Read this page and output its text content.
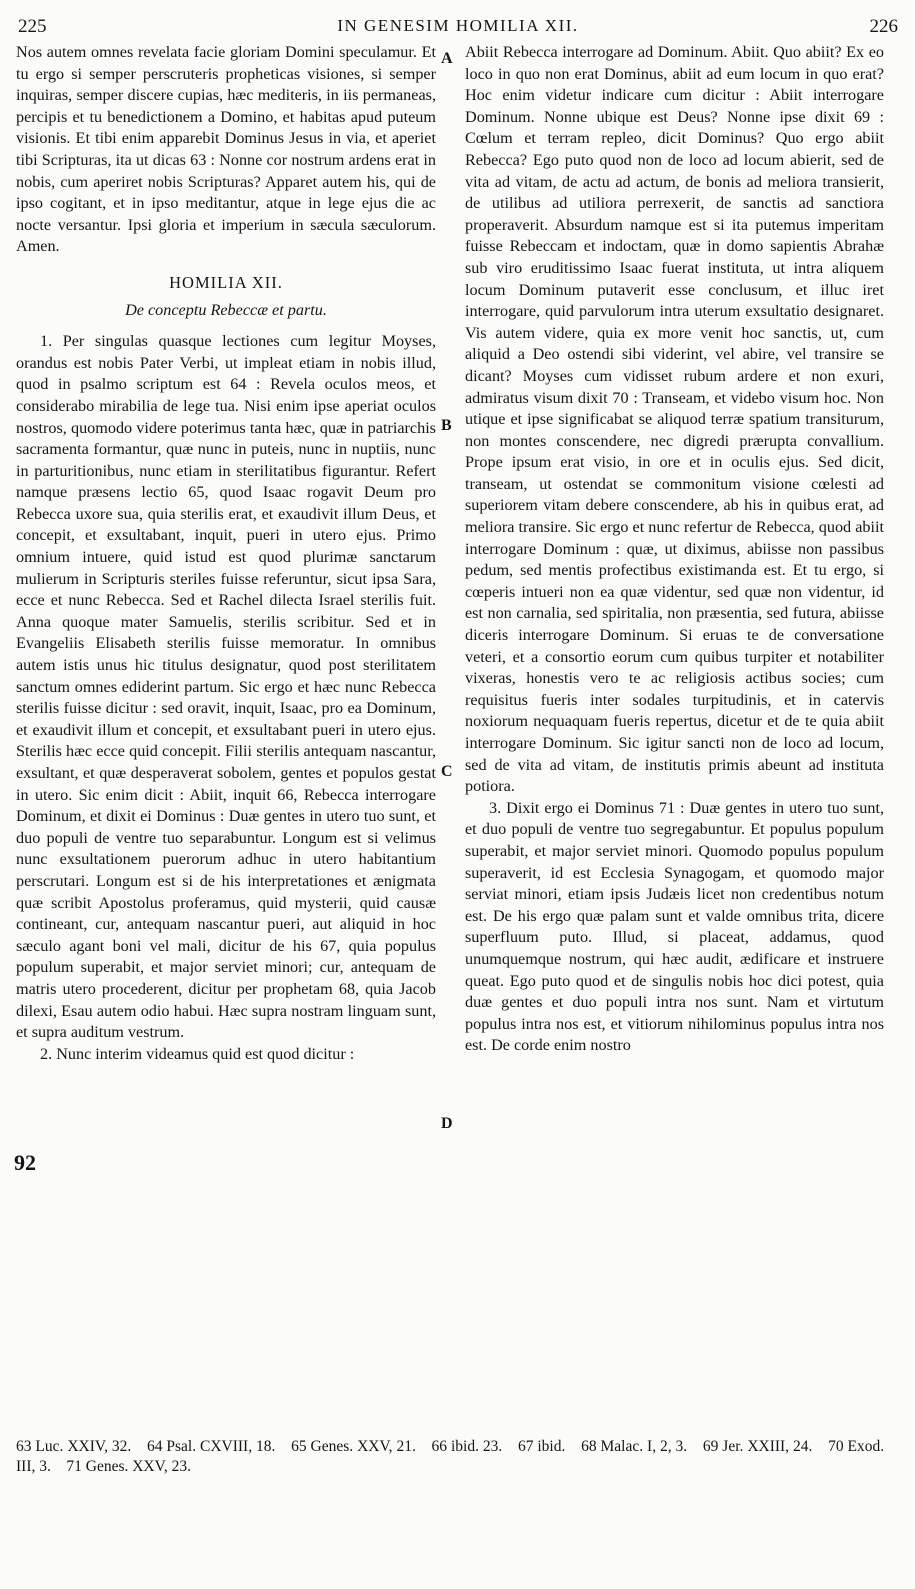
225	IN GENESIM HOMILIA XII.	226
A
B
C
D
92

Nos autem omnes revelata facie gloriam Domini speculamur. Et tu ergo si semper perscruteris propheticas visiones, si semper inquiras, semper discere cupias, hæc mediteris, in iis permaneas, percipis et tu benedictionem a Domino, et habitas apud puteum visionis. Et tibi enim apparebit Dominus Jesus in via, et aperiet tibi Scripturas, ita ut dicas 63 : Nonne cor nostrum ardens erat in nobis, cum aperiret nobis Scripturas? Apparet autem his, qui de ipso cogitant, et in ipso meditantur, atque in lege ejus die ac nocte versantur. Ipsi gloria et imperium in sæcula sæculorum. Amen.

HOMILIA XII.
De conceptu Rebeccæ et partu.

1. Per singulas quasque lectiones cum legitur Moyses, orandus est nobis Pater Verbi, ut impleat etiam in nobis illud, quod in psalmo scriptum est 64 : Revela oculos meos, et considerabo mirabilia de lege tua. Nisi enim ipse aperiat oculos nostros, quomodo videre poterimus tanta hæc, quæ in patriarchis sacramenta formantur, quæ nunc in puteis, nunc in nuptiis, nunc in parturitionibus, nunc etiam in sterilitatibus figurantur. Refert namque præsens lectio 65, quod Isaac rogavit Deum pro Rebecca uxore sua, quia sterilis erat, et exaudivit illum Deus, et concepit, et exsultabant, inquit, pueri in utero ejus. Primo omnium intuere, quid istud est quod plurimæ sanctarum mulierum in Scripturis steriles fuisse referuntur, sicut ipsa Sara, ecce et nunc Rebecca. Sed et Rachel dilecta Israel sterilis fuit. Anna quoque mater Samuelis, sterilis scribitur. Sed et in Evangeliis Elisabeth sterilis fuisse memoratur. In omnibus autem istis unus hic titulus designatur, quod post sterilitatem sanctum omnes ediderint partum. Sic ergo et hæc nunc Rebecca sterilis fuisse dicitur : sed oravit, inquit, Isaac, pro ea Dominum, et exaudivit illum et concepit, et exsultabant pueri in utero ejus. Sterilis hæc ecce quid concepit. Filii sterilis antequam nascantur, exsultant, et quæ desperaverat sobolem, gentes et populos gestat in utero. Sic enim dicit : Abiit, inquit 66, Rebecca interrogare Dominum, et dixit ei Dominus : Duæ gentes in utero tuo sunt, et duo populi de ventre tuo separabuntur. Longum est si velimus nunc exsultationem puerorum adhuc in utero habitantium perscrutari. Longum est si de his interpretationes et ænigmata quæ scribit Apostolus proferamus, quid mysterii, quid causæ contineant, cur, antequam nascantur pueri, aut aliquid in hoc sæculo agant boni vel mali, dicitur de his 67, quia populus populum superabit, et major serviet minori; cur, antequam de matris utero procederent, dicitur per prophetam 68, quia Jacob dilexi, Esau autem odio habui. Hæc supra nostram linguam sunt, et supra auditum vestrum.

2. Nunc interim videamus quid est quod dicitur :

Abiit Rebecca interrogare ad Dominum. Abiit. Quo abiit? Ex eo loco in quo non erat Dominus, abiit ad eum locum in quo erat? Hoc enim videtur indicare cum dicitur : Abiit interrogare Dominum. Nonne ubique est Deus? Nonne ipse dixit 69 : Cœlum et terram repleo, dicit Dominus? Quo ergo abiit Rebecca? Ego puto quod non de loco ad locum abierit, sed de vita ad vitam, de actu ad actum, de bonis ad meliora transierit, de utilibus ad utiliora perrexerit, de sanctis ad sanctiora properaverit. Absurdum namque est si ita putemus imperitam fuisse Rebeccam et indoctam, quæ in domo sapientis Abrahæ sub viro eruditissimo Isaac fuerat instituta, ut intra aliquem locum Dominum putaverit esse conclusum, et illuc iret interrogare, quid parvulorum intra uterum exsultatio designaret. Vis autem videre, quia ex more venit hoc sanctis, ut, cum aliquid a Deo ostendi sibi viderint, vel abire, vel transire se dicant? Moyses cum vidisset rubum ardere et non exuri, admiratus visum dixit 70 : Transeam, et videbo visum hoc. Non utique et ipse significabat se aliquod terræ spatium transiturum, non montes conscendere, nec digredi prærupta convallium. Prope ipsum erat visio, in ore et in oculis ejus. Sed dicit, transeam, ut ostendat se commonitum visione cœlesti ad superiorem vitam debere conscendere, ab his in quibus erat, ad meliora transire. Sic ergo et nunc refertur de Rebecca, quod abiit interrogare Dominum : quæ, ut diximus, abiisse non passibus pedum, sed mentis profectibus existimanda est. Et tu ergo, si cœperis intueri non ea quæ videntur, sed quæ non videntur, id est non carnalia, sed spiritalia, non præsentia, sed futura, abiisse diceris interrogare Dominum. Si eruas te de conversatione veteri, et a consortio eorum cum quibus turpiter et notabiliter vixeras, honestis vero te ac religiosis actibus socies; cum requisitus fueris inter sodales turpitudinis, et in catervis noxiorum nequaquam fueris repertus, dicetur et de te quia abiit interrogare Dominum. Sic igitur sancti non de loco ad locum, sed de vita ad vitam, de institutis primis abeunt ad instituta potiora.

3. Dixit ergo ei Dominus 71 : Duæ gentes in utero tuo sunt, et duo populi de ventre tuo segregabuntur. Et populus populum superabit, et major serviet minori. Quomodo populus populum superaverit, id est Ecclesia Synagogam, et quomodo major serviat minori, etiam ipsis Judæis licet non credentibus notum est. De his ergo quæ palam sunt et valde omnibus trita, dicere superfluum puto. Illud, si placeat, addamus, quod unumquemque nostrum, qui hæc audit, ædificare et instruere queat. Ego puto quod et de singulis nobis hoc dici potest, quia duæ gentes et duo populi intra nos sunt. Nam et virtutum populus intra nos est, et vitiorum nihilominus populus intra nos est. De corde enim nostro

63 Luc. XXIV, 32. 64 Psal. CXVIII, 18. 65 Genes. XXV, 21. 66 ibid. 23. 67 ibid. 68 Malac. I, 2, 3. 69 Jer. XXIII, 24. 70 Exod. III, 3. 71 Genes. XXV, 23.
